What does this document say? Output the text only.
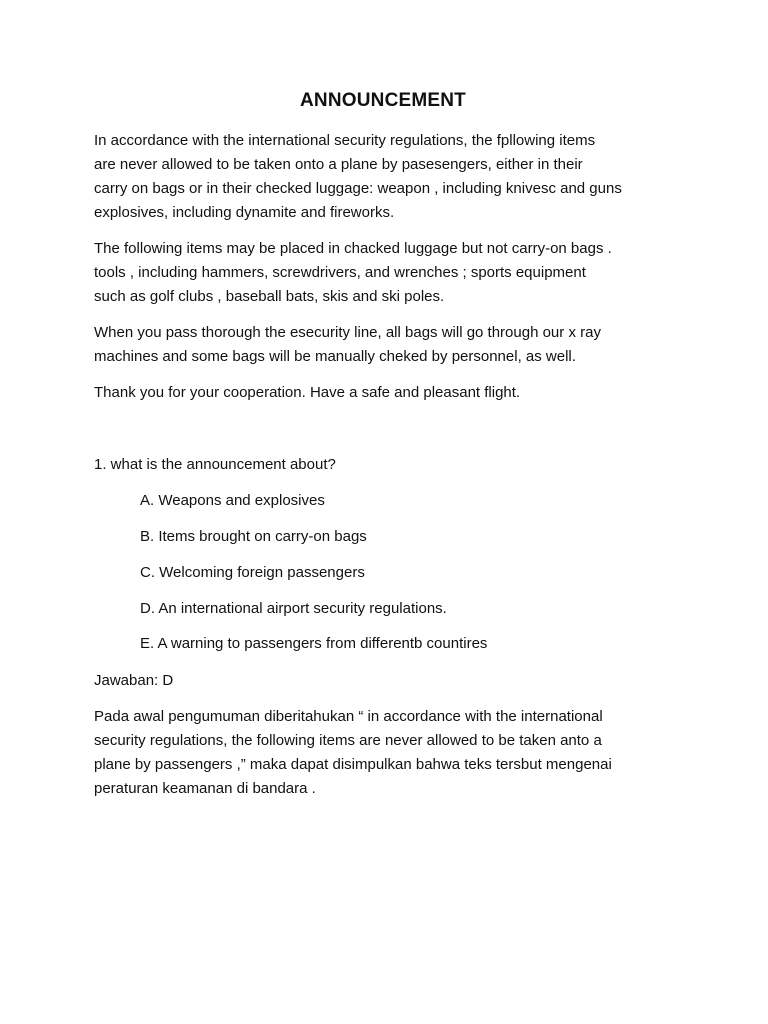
ANNOUNCEMENT
In accordance with the international security regulations, the fpllowing items
are never allowed to be taken onto a plane by pasesengers, either in their
carry on bags or in their checked luggage: weapon , including knivesc and guns
explosives, including dynamite and fireworks.
The following items may be placed in chacked luggage but not carry-on bags .
tools , including hammers, screwdrivers, and wrenches ; sports equipment
such as golf clubs , baseball bats, skis and ski poles.
When you pass thorough the esecurity line, all bags will go through our x ray
machines and some bags will be manually cheked by personnel, as well.
Thank you for your cooperation. Have a safe and pleasant flight.
1. what is the announcement about?
A. Weapons and explosives
B. Items brought on carry-on bags
C. Welcoming foreign passengers
D. An international airport security regulations.
E. A warning to passengers from differentb countires
Jawaban: D
Pada awal pengumuman diberitahukan “ in accordance with the international
security regulations, the following items are never allowed to be taken anto a
plane by passengers ,” maka dapat disimpulkan bahwa teks tersbut mengenai
peraturan keamanan di bandara .
